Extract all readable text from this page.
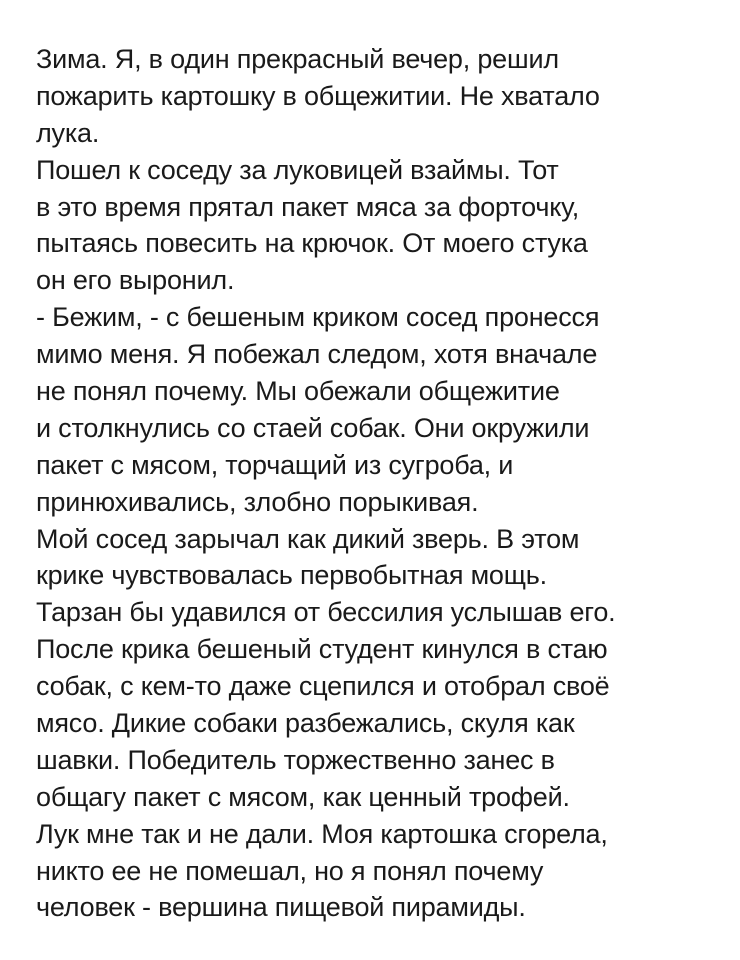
Зима. Я, в один прекрасный вечер, решил
пожарить картошку в общежитии. Не хватало
лука.
Пошел к соседу за луковицей взаймы. Тот
в это время прятал пакет мяса за форточку,
пытаясь повесить на крючок. От моего стука
он его выронил.
- Бежим, - с бешеным криком сосед пронесся
мимо меня. Я побежал следом, хотя вначале
не понял почему. Мы обежали общежитие
и столкнулись со стаей собак. Они окружили
пакет с мясом, торчащий из сугроба, и
принюхивались, злобно порыкивая.
Мой сосед зарычал как дикий зверь. В этом
крике чувствовалась первобытная мощь.
Тарзан бы удавился от бессилия услышав его.
После крика бешеный студент кинулся в стаю
собак, с кем-то даже сцепился и отобрал своё
мясо. Дикие собаки разбежались, скуля как
шавки. Победитель торжественно занес в
общагу пакет с мясом, как ценный трофей.
Лук мне так и не дали. Моя картошка сгорела,
никто ее не помешал, но я понял почему
человек - вершина пищевой пирамиды.
